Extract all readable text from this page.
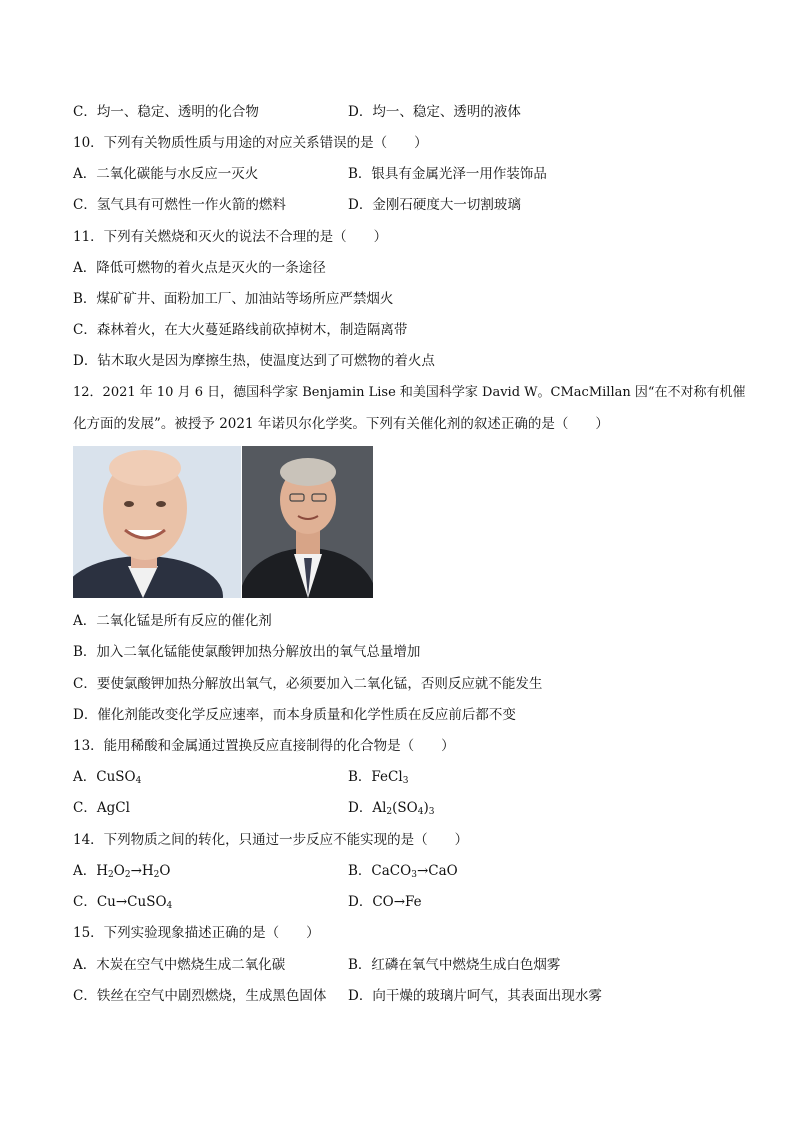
C．均一、稳定、透明的化合物	D．均一、稳定、透明的液体
10．下列有关物质性质与用途的对应关系错误的是（　　）
A．二氧化碳能与水反应一灭火	B．银具有金属光泽一用作装饰品
C．氢气具有可燃性一作火箭的燃料	D．金刚石硬度大一切割玻璃
11．下列有关燃烧和灭火的说法不合理的是（　　）
A．降低可燃物的着火点是灭火的一条途径
B．煤矿矿井、面粉加工厂、加油站等场所应严禁烟火
C．森林着火，在大火蔓延路线前砍掉树木，制造隔离带
D．钻木取火是因为摩擦生热，使温度达到了可燃物的着火点
12．2021 年 10 月 6 日，德国科学家 Benjamin Lise 和美国科学家 David W。CMacMillan 因“在不对称有机催
化方面的发展”。被授予 2021 年诺贝尔化学奖。下列有关催化剂的叙述正确的是（　　）
A．二氧化锰是所有反应的催化剂
B．加入二氧化锰能使氯酸钾加热分解放出的氧气总量增加
C．要使氯酸钾加热分解放出氧气，必须要加入二氧化锰，否则反应就不能发生
D．催化剂能改变化学反应速率，而本身质量和化学性质在反应前后都不变
13．能用稀酸和金属通过置换反应直接制得的化合物是（　　）
A．CuSO$_4$	B．FeCl$_3$
C．AgCl	D．$Al_2(SO_4)_3$
14．下列物质之间的转化，只通过一步反应不能实现的是（　　）
A．$H_2O_2\to H_2O$	B．CaCO$_3$→CaO
C．Cu→CuSO$_4$	D．CO→Fe
15．下列实验现象描述正确的是（　　）
A．木炭在空气中燃烧生成二氧化碳	B．红磷在氧气中燃烧生成白色烟雾
C．铁丝在空气中剧烈燃烧，生成黑色固体 D．向干燥的玻璃片呵气，其表面出现水雾
